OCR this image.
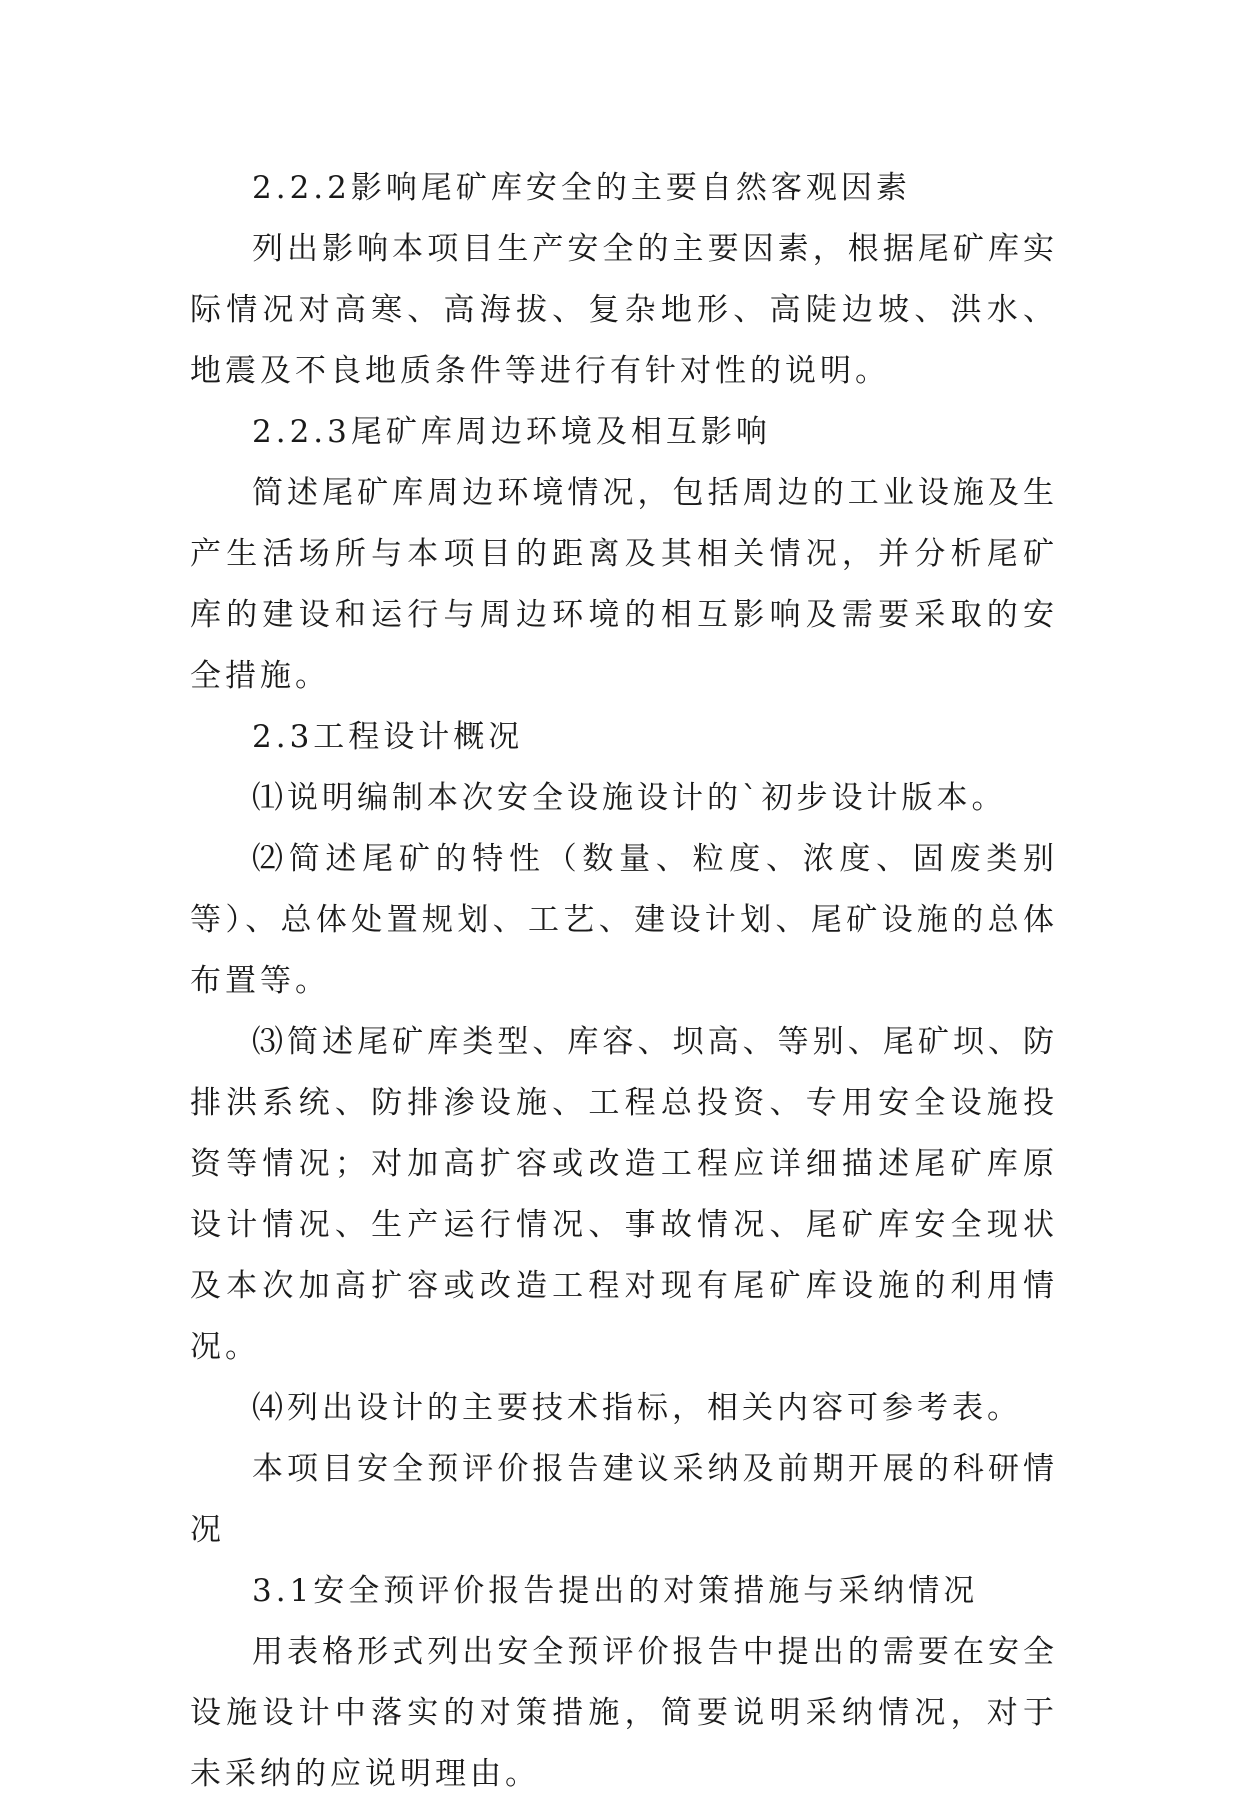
2.2.2影响尾矿库安全的主要自然客观因素

列出影响本项目生产安全的主要因素，根据尾矿库实际情况对高寒、高海拔、复杂地形、高陡边坡、洪水、地震及不良地质条件等进行有针对性的说明。

2.2.3尾矿库周边环境及相互影响

简述尾矿库周边环境情况，包括周边的工业设施及生产生活场所与本项目的距离及其相关情况，并分析尾矿库的建设和运行与周边环境的相互影响及需要采取的安全措施。

2.3工程设计概况

⑴说明编制本次安全设施设计的`初步设计版本。

⑵简述尾矿的特性（数量、粒度、浓度、固废类别等）、总体处置规划、工艺、建设计划、尾矿设施的总体布置等。

⑶简述尾矿库类型、库容、坝高、等别、尾矿坝、防排洪系统、防排渗设施、工程总投资、专用安全设施投资等情况；对加高扩容或改造工程应详细描述尾矿库原设计情况、生产运行情况、事故情况、尾矿库安全现状及本次加高扩容或改造工程对现有尾矿库设施的利用情况。

⑷列出设计的主要技术指标，相关内容可参考表。

本项目安全预评价报告建议采纳及前期开展的科研情况

3.1安全预评价报告提出的对策措施与采纳情况

用表格形式列出安全预评价报告中提出的需要在安全设施设计中落实的对策措施，简要说明采纳情况，对于未采纳的应说明理由。
